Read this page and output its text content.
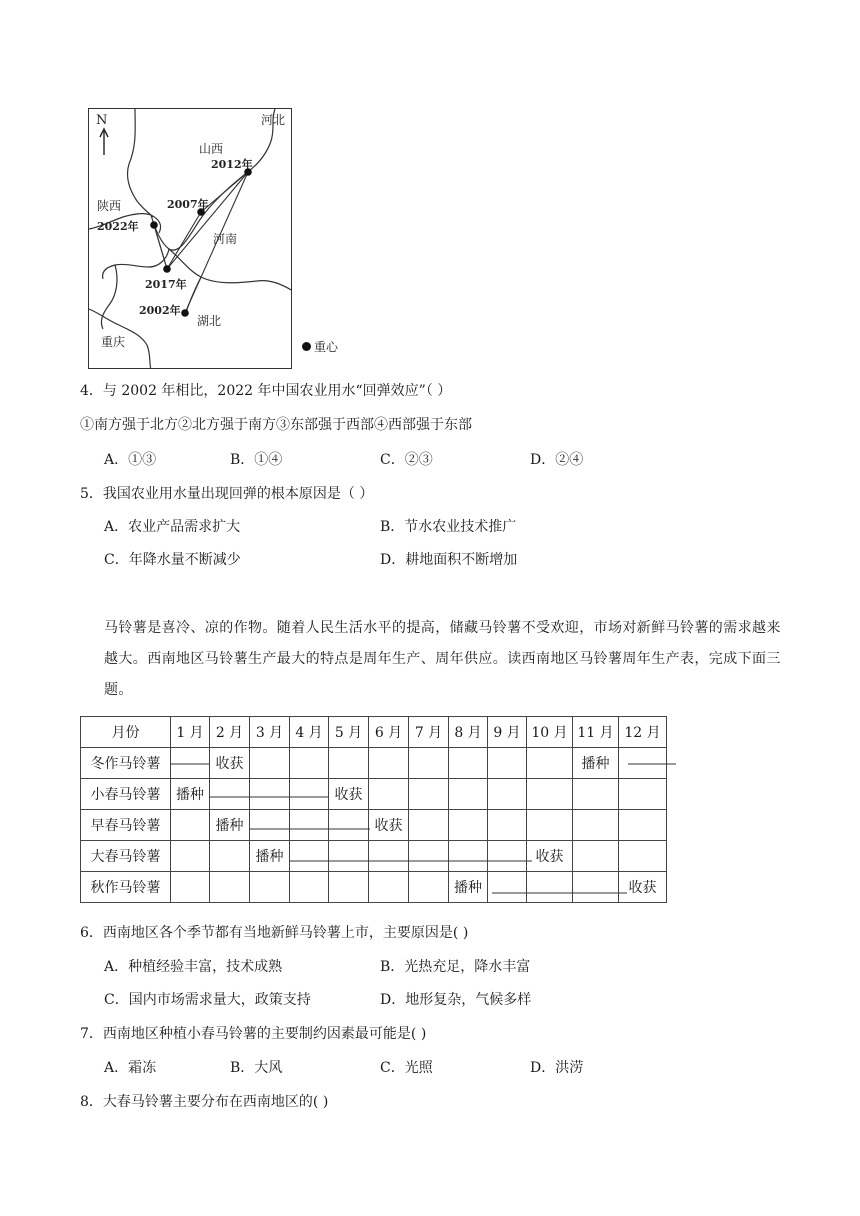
N	河北
山西
2012年
陕西	2007年
2022年
河南
2017年
2002年
湖北
重庆	重心
4．与 2002 年相比，2022 年中国农业用水“回弹效应”（ ）
①南方强于北方②北方强于南方③东部强于西部④西部强于东部
A．①③	B．①④	C．②③	D．②④
5．我国农业用水量出现回弹的根本原因是（ ）
A．农业产品需求扩大	B．节水农业技术推广
C．年降水量不断减少	D．耕地面积不断增加
马铃薯是喜冷、凉的作物。随着人民生活水平的提高，储藏马铃薯不受欢迎，市场对新鲜马铃薯的需求越来越大。西南地区马铃薯生产最大的特点是周年生产、周年供应。读西南地区马铃薯周年生产表，完成下面三题。
月份	1 月	2 月	3 月	4 月	5 月	6 月	7 月	8 月	9 月	10 月	11 月	12 月
冬作马铃薯		收获									播种	
小春马铃薯	播种				收获							
早春马铃薯		播种				收获						
大春马铃薯			播种							收获		
秋作马铃薯								播种				收获
6．西南地区各个季节都有当地新鲜马铃薯上市，主要原因是( )
A．种植经验丰富，技术成熟	B．光热充足，降水丰富
C．国内市场需求量大，政策支持	D．地形复杂，气候多样
7．西南地区种植小春马铃薯的主要制约因素最可能是( )
A．霜冻	B．大风	C．光照	D．洪涝
8．大春马铃薯主要分布在西南地区的( )
